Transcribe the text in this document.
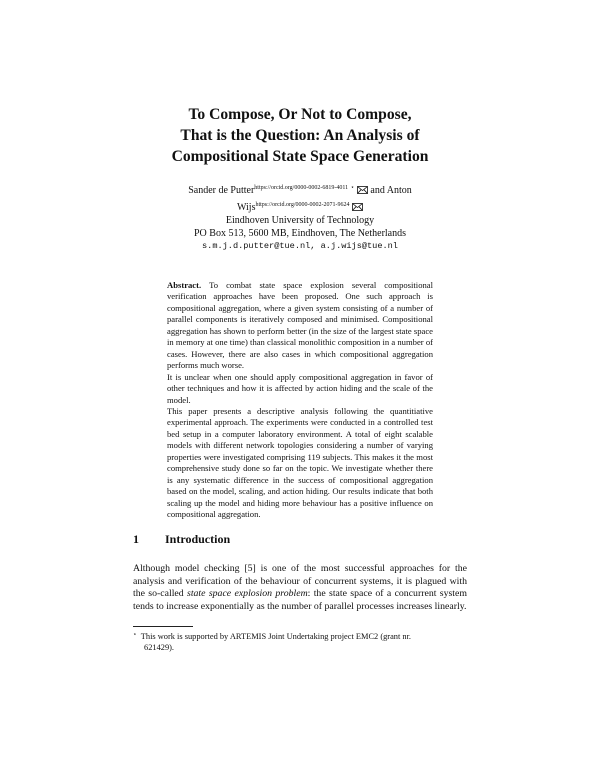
To Compose, Or Not to Compose,
That is the Question: An Analysis of
Compositional State Space Generation
Sander de Putter$^{https://orcid.org/0000-0002-6819-4011}$ ⋆ and Anton
Wijs$^{https://orcid.org/0000-0002-2071-9624}$
Eindhoven University of Technology
PO Box 513, 5600 MB, Eindhoven, The Netherlands
s.m.j.d.putter@tue.nl, a.j.wijs@tue.nl

Abstract. To combat state space explosion several compositional verification approaches have been proposed. One such approach is compositional aggregation, where a given system consisting of a number of parallel components is iteratively composed and minimised. Compositional aggregation has shown to perform better (in the size of the largest state space in memory at one time) than classical monolithic composition in a number of cases. However, there are also cases in which compositional aggregation performs much worse.

It is unclear when one should apply compositional aggregation in favor of other techniques and how it is affected by action hiding and the scale of the model.

This paper presents a descriptive analysis following the quantitiative experimental approach. The experiments were conducted in a controlled test bed setup in a computer laboratory environment. A total of eight scalable models with different network topologies considering a number of varying properties were investigated comprising 119 subjects. This makes it the most comprehensive study done so far on the topic. We investigate whether there is any systematic difference in the success of compositional aggregation based on the model, scaling, and action hiding. Our results indicate that both scaling up the model and hiding more behaviour has a positive influence on compositional aggregation.

1 Introduction

Although model checking [5] is one of the most successful approaches for the analysis and verification of the behaviour of concurrent systems, it is plagued with the so-called state space explosion problem: the state space of a concurrent system tends to increase exponentially as the number of parallel processes increases linearly.

⋆ This work is supported by ARTEMIS Joint Undertaking project EMC2 (grant nr.
621429).
